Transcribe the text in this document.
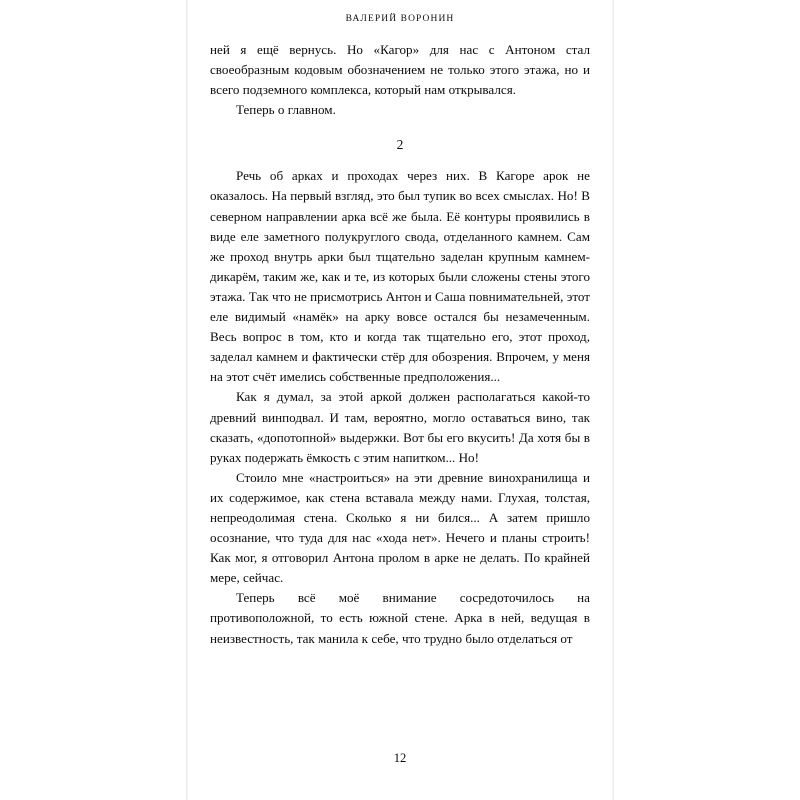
ВАЛЕРИЙ ВОРОНИН

ней я ещё вернусь. Но «Кагор» для нас с Антоном стал своеобразным кодовым обозначением не только этого этажа, но и всего подземного комплекса, который нам открывался.

Теперь о главном.

2

Речь об арках и проходах через них. В Кагоре арок не оказалось. На первый взгляд, это был тупик во всех смыслах. Но! В северном направлении арка всё же была. Её контуры проявились в виде еле заметного полукруглого свода, отделанного камнем. Сам же проход внутрь арки был тщательно заделан крупным камнем-дикарём, таким же, как и те, из которых были сложены стены этого этажа. Так что не присмотрись Антон и Саша повнимательней, этот еле видимый «намёк» на арку вовсе остался бы незамеченным. Весь вопрос в том, кто и когда так тщательно его, этот проход, заделал камнем и фактически стёр для обозрения. Впрочем, у меня на этот счёт имелись собственные предположения...

Как я думал, за этой аркой должен располагаться какой-то древний винподвал. И там, вероятно, могло оставаться вино, так сказать, «допотопной» выдержки. Вот бы его вкусить! Да хотя бы в руках подержать ёмкость с этим напитком... Но!

Стоило мне «настроиться» на эти древние винохранилища и их содержимое, как стена вставала между нами. Глухая, толстая, непреодолимая стена. Сколько я ни бился... А затем пришло осознание, что туда для нас «хода нет». Нечего и планы строить! Как мог, я отговорил Антона пролом в арке не делать. По крайней мере, сейчас.

Теперь всё моё внимание сосредоточилось на противоположной, то есть южной стене. Арка в ней, ведущая в неизвестность, так манила к себе, что трудно было отделаться от

12
